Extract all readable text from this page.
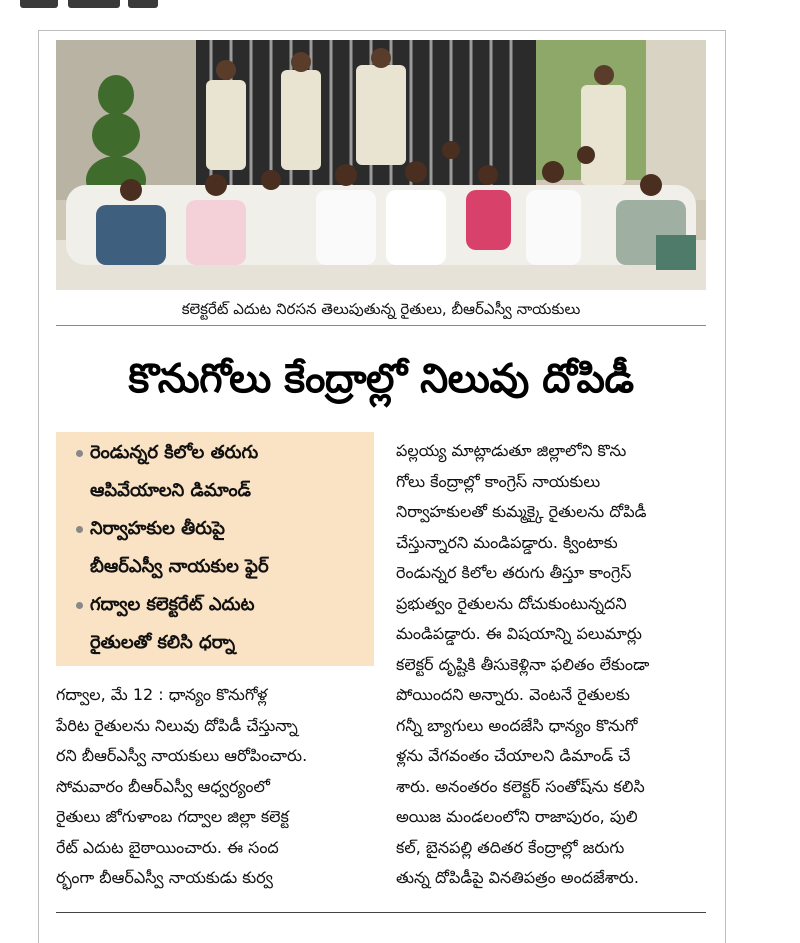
కలెక్టరేట్ ఎదుట నిరసన తెలుపుతున్న రైతులు, బీఆర్ఎస్వీ నాయకులు
కొనుగోలు కేంద్రాల్లో నిలువు దోపిడీ
రెండున్నర కిలోల తరుగు
ఆపివేయాలని డిమాండ్
నిర్వాహకుల తీరుపై
బీఆర్ఎస్వీ నాయకుల ఫైర్
గద్వాల కలెక్టరేట్ ఎదుట
రైతులతో కలిసి ధర్నా
గద్వాల, మే 12 : ధాన్యం కొనుగోళ్ల
పేరిట రైతులను నిలువు దోపిడీ చేస్తున్నా
రని బీఆర్ఎస్వీ నాయకులు ఆరోపించారు.
సోమవారం బీఆర్ఎస్వీ ఆధ్వర్యంలో
రైతులు జోగుళాంబ గద్వాల జిల్లా కలెక్ట
రేట్ ఎదుట బైఠాయించారు. ఈ సంద
ర్భంగా బీఆర్ఎస్వీ నాయకుడు కుర్వ
పల్లయ్య మాట్లాడుతూ జిల్లాలోని కొను
గోలు కేంద్రాల్లో కాంగ్రెస్ నాయకులు
నిర్వాహకులతో కుమ్మక్కై రైతులను దోపిడీ
చేస్తున్నారని మండిపడ్డారు. క్వింటాకు
రెండున్నర కిలోల తరుగు తీస్తూ కాంగ్రెస్
ప్రభుత్వం రైతులను దోచుకుంటున్నదని
మండిపడ్డారు. ఈ విషయాన్ని పలుమార్లు
కలెక్టర్ దృష్టికి తీసుకెళ్లినా ఫలితం లేకుండా
పోయిందని అన్నారు. వెంటనే రైతులకు
గన్నీ బ్యాగులు అందజేసి ధాన్యం కొనుగో
ళ్లను వేగవంతం చేయాలని డిమాండ్ చే
శారు. అనంతరం కలెక్టర్ సంతోష్‌ను కలిసి
అయిజ మండలంలోని రాజాపురం, పులి
కల్, బైనపల్లి తదితర కేంద్రాల్లో జరుగు
తున్న దోపిడీపై వినతిపత్రం అందజేశారు.
